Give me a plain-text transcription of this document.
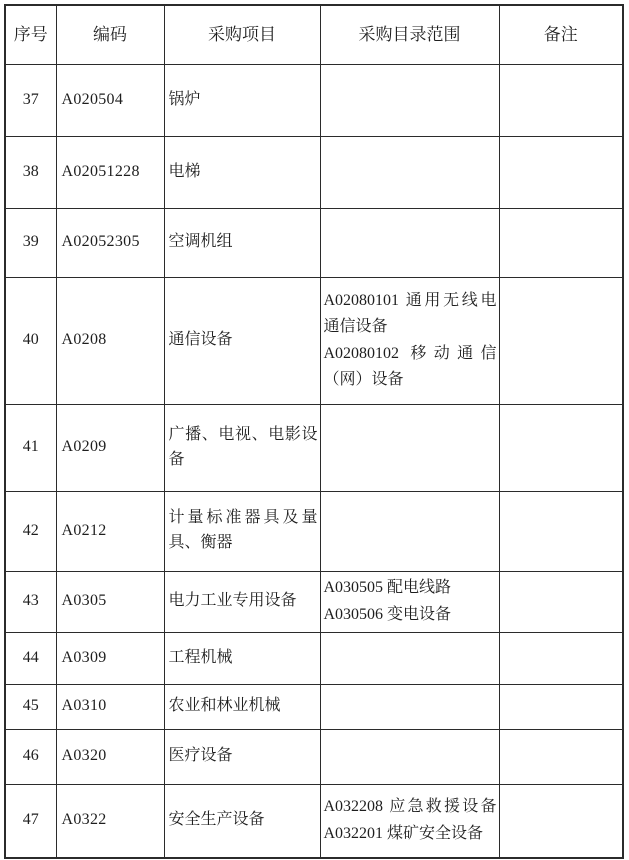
序号	编码	采购项目	采购目录范围	备注
37	A020504	锅炉		
38	A02051228	电梯		
39	A02052305	空调机组		
40	A0208	通信设备	A02080101 通用无线电通信设备
A02080102 移动通信（网）设备	

41	A0209	广播、电视、电影设备		
42	A0212	计量标准器具及量具、衡器		
43	A0305	电力工业专用设备	A030505 配电线路
A030506 变电设备	

44	A0309	工程机械		
45	A0310	农业和林业机械		
46	A0320	医疗设备		
47	A0322	安全生产设备	A032208 应急救援设备
A032201 煤矿安全设备	
